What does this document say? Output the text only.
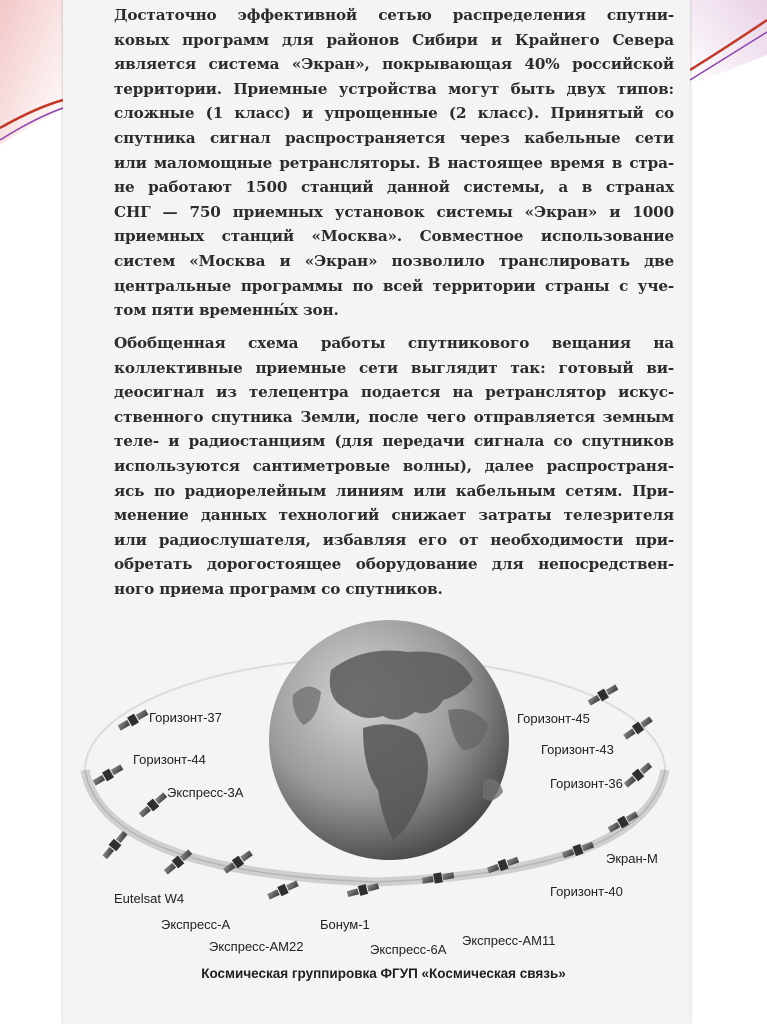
Достаточно эффективной сетью распределения спутни-
ковых программ для районов Сибири и Крайнего Севера
является система «Экран», покрывающая 40% российской
территории. Приемные устройства могут быть двух типов:
сложные (1 класс) и упрощенные (2 класс). Принятый со
спутника сигнал распространяется через кабельные сети
или маломощные ретрансляторы. В настоящее время в стра-
не работают 1500 станций данной системы, а в странах
СНГ — 750 приемных установок системы «Экран» и 1000
приемных станций «Москва». Совместное использование
систем «Москва и «Экран» позволило транслировать две
центральные программы по всей территории страны с уче-
том пяти временны́х зон.
Обобщенная схема работы спутникового вещания на
коллективные приемные сети выглядит так: готовый ви-
деосигнал из телецентра подается на ретранслятор искус-
ственного спутника Земли, после чего отправляется земным
теле- и радиостанциям (для передачи сигнала со спутников
используются сантиметровые волны), далее распространя-
ясь по радиорелейным линиям или кабельным сетям. При-
менение данных технологий снижает затраты телезрителя
или радиослушателя, избавляя его от необходимости при-
обретать дорогостоящее оборудование для непосредствен-
ного приема программ со спутников.
Горизонт-37
Горизонт-44
Экспресс-3А
Eutelsat W4
Экспресс-А
Экспресс-АМ22
Бонум-1
Экспресс-6А
Экспресс-АМ11
Горизонт-40
Экран-М
Горизонт-36
Горизонт-43
Горизонт-45
Космическая группировка ФГУП «Космическая связь»
